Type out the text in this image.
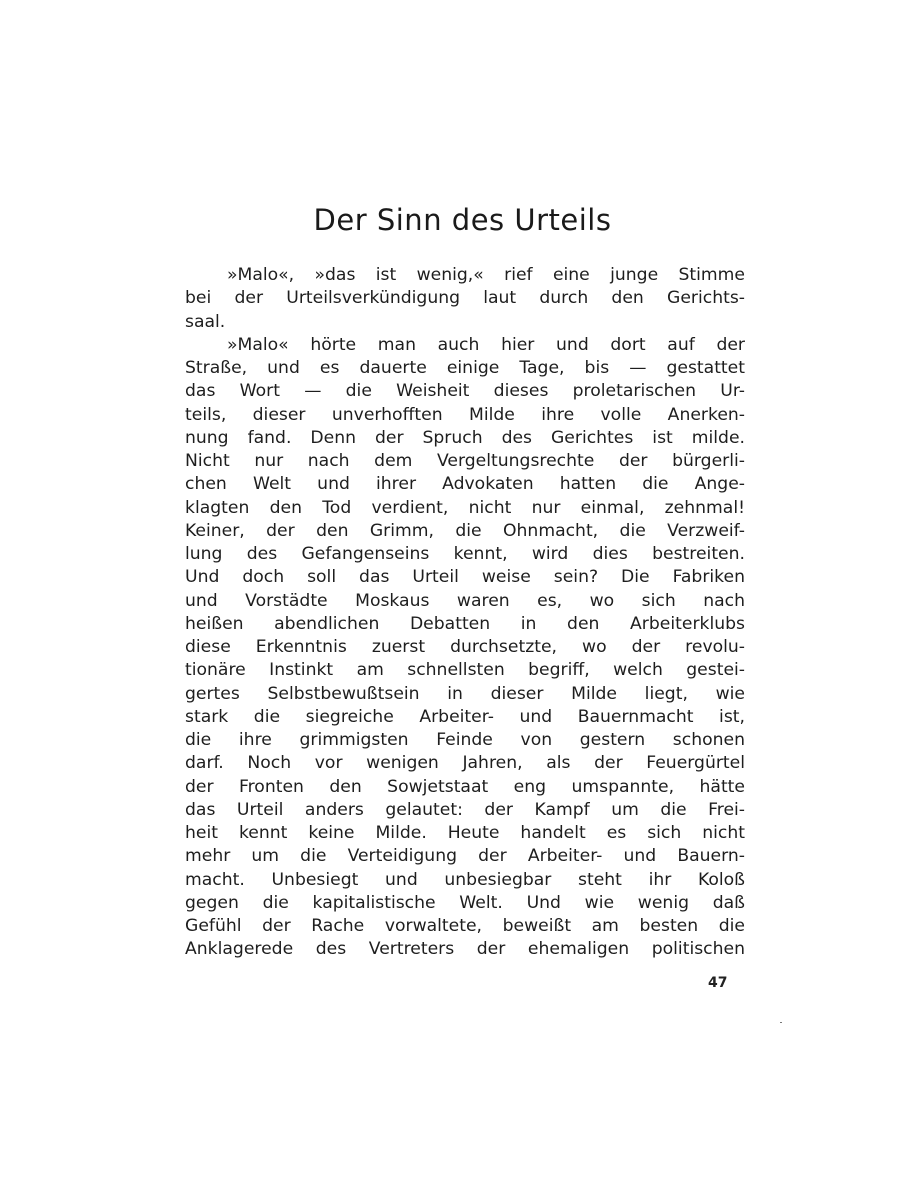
Der Sinn des Urteils
»Malo«, »das ist wenig,« rief eine junge Stimme
bei der Urteilsverkündigung laut durch den Gerichts-
saal.
»Malo« hörte man auch hier und dort auf der
Straße, und es dauerte einige Tage, bis — gestattet
das Wort — die Weisheit dieses proletarischen Ur-
teils, dieser unverhofften Milde ihre volle Anerken-
nung fand. Denn der Spruch des Gerichtes ist milde.
Nicht nur nach dem Vergeltungsrechte der bürgerli-
chen Welt und ihrer Advokaten hatten die Ange-
klagten den Tod verdient, nicht nur einmal, zehnmal!
Keiner, der den Grimm, die Ohnmacht, die Verzweif-
lung des Gefangenseins kennt, wird dies bestreiten.
Und doch soll das Urteil weise sein? Die Fabriken
und Vorstädte Moskaus waren es, wo sich nach
heißen abendlichen Debatten in den Arbeiterklubs
diese Erkenntnis zuerst durchsetzte, wo der revolu-
tionäre Instinkt am schnellsten begriff, welch gestei-
gertes Selbstbewußtsein in dieser Milde liegt, wie
stark die siegreiche Arbeiter- und Bauernmacht ist,
die ihre grimmigsten Feinde von gestern schonen
darf. Noch vor wenigen Jahren, als der Feuergürtel
der Fronten den Sowjetstaat eng umspannte, hätte
das Urteil anders gelautet: der Kampf um die Frei-
heit kennt keine Milde. Heute handelt es sich nicht
mehr um die Verteidigung der Arbeiter- und Bauern-
macht. Unbesiegt und unbesiegbar steht ihr Koloß
gegen die kapitalistische Welt. Und wie wenig daß
Gefühl der Rache vorwaltete, beweißt am besten die
Anklagerede des Vertreters der ehemaligen politischen
47
